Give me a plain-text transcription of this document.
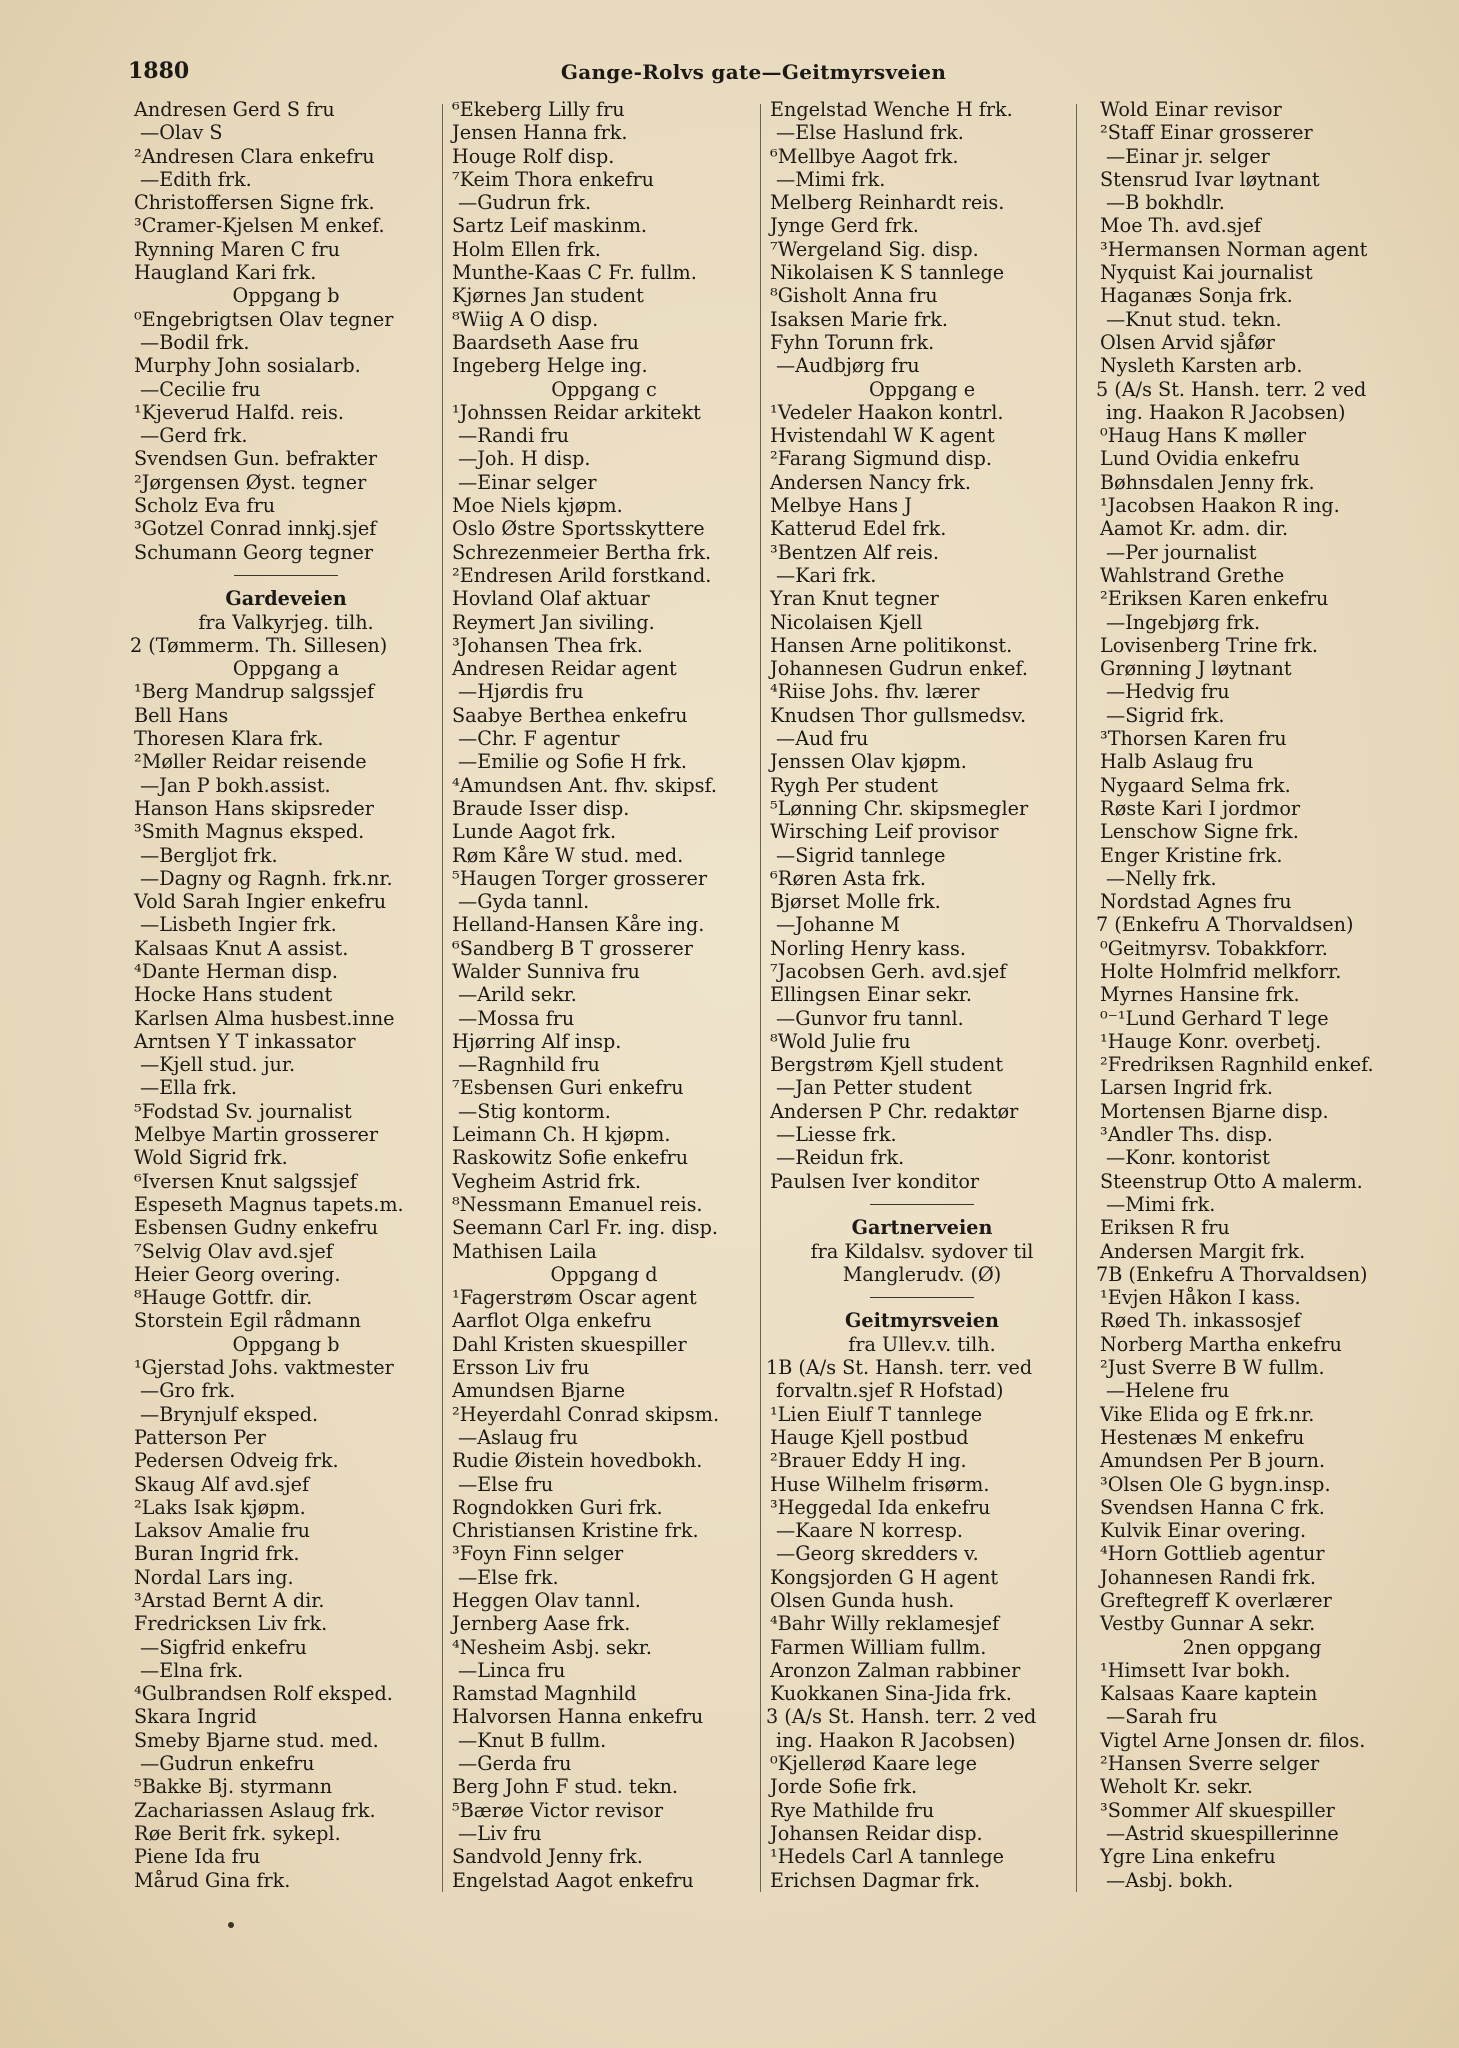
1880	Gange-Rolvs gate—Geitmyrsveien
Andresen Gerd S fru
—Olav S
²Andresen Clara enkefru
—Edith frk.
Christoffersen Signe frk.
³Cramer-Kjelsen M enkef.
Rynning Maren C fru
Haugland Kari frk.
Oppgang b
⁰Engebrigtsen Olav tegner
—Bodil frk.
Murphy John sosialarb.
—Cecilie fru
¹Kjeverud Halfd. reis.
—Gerd frk.
Svendsen Gun. befrakter
²Jørgensen Øyst. tegner
Scholz Eva fru
³Gotzel Conrad innkj.sjef
Schumann Georg tegner
Gardeveien
fra Valkyrjeg. tilh.
2 (Tømmerm. Th. Sillesen)
Oppgang a
¹Berg Mandrup salgssjef
Bell Hans
Thoresen Klara frk.
²Møller Reidar reisende
—Jan P bokh.assist.
Hanson Hans skipsreder
³Smith Magnus eksped.
—Bergljot frk.
—Dagny og Ragnh. frk.nr.
Vold Sarah Ingier enkefru
—Lisbeth Ingier frk.
Kalsaas Knut A assist.
⁴Dante Herman disp.
Hocke Hans student
Karlsen Alma husbest.inne
Arntsen Y T inkassator
—Kjell stud. jur.
—Ella frk.
⁵Fodstad Sv. journalist
Melbye Martin grosserer
Wold Sigrid frk.
⁶Iversen Knut salgssjef
Espeseth Magnus tapets.m.
Esbensen Gudny enkefru
⁷Selvig Olav avd.sjef
Heier Georg overing.
⁸Hauge Gottfr. dir.
Storstein Egil rådmann
Oppgang b
¹Gjerstad Johs. vaktmester
—Gro frk.
—Brynjulf eksped.
Patterson Per
Pedersen Odveig frk.
Skaug Alf avd.sjef
²Laks Isak kjøpm.
Laksov Amalie fru
Buran Ingrid frk.
Nordal Lars ing.
³Arstad Bernt A dir.
Fredricksen Liv frk.
—Sigfrid enkefru
—Elna frk.
⁴Gulbrandsen Rolf eksped.
Skara Ingrid
Smeby Bjarne stud. med.
—Gudrun enkefru
⁵Bakke Bj. styrmann
Zachariassen Aslaug frk.
Røe Berit frk. sykepl.
Piene Ida fru
Mårud Gina frk.
⁶Ekeberg Lilly fru
Jensen Hanna frk.
Houge Rolf disp.
⁷Keim Thora enkefru
—Gudrun frk.
Sartz Leif maskinm.
Holm Ellen frk.
Munthe-Kaas C Fr. fullm.
Kjørnes Jan student
⁸Wiig A O disp.
Baardseth Aase fru
Ingeberg Helge ing.
Oppgang c
¹Johnssen Reidar arkitekt
—Randi fru
—Joh. H disp.
—Einar selger
Moe Niels kjøpm.
Oslo Østre Sportsskyttere
Schrezenmeier Bertha frk.
²Endresen Arild forstkand.
Hovland Olaf aktuar
Reymert Jan siviling.
³Johansen Thea frk.
Andresen Reidar agent
—Hjørdis fru
Saabye Berthea enkefru
—Chr. F agentur
—Emilie og Sofie H frk.
⁴Amundsen Ant. fhv. skipsf.
Braude Isser disp.
Lunde Aagot frk.
Røm Kåre W stud. med.
⁵Haugen Torger grosserer
—Gyda tannl.
Helland-Hansen Kåre ing.
⁶Sandberg B T grosserer
Walder Sunniva fru
—Arild sekr.
—Mossa fru
Hjørring Alf insp.
—Ragnhild fru
⁷Esbensen Guri enkefru
—Stig kontorm.
Leimann Ch. H kjøpm.
Raskowitz Sofie enkefru
Vegheim Astrid frk.
⁸Nessmann Emanuel reis.
Seemann Carl Fr. ing. disp.
Mathisen Laila
Oppgang d
¹Fagerstrøm Oscar agent
Aarflot Olga enkefru
Dahl Kristen skuespiller
Ersson Liv fru
Amundsen Bjarne
²Heyerdahl Conrad skipsm.
—Aslaug fru
Rudie Øistein hovedbokh.
—Else fru
Rogndokken Guri frk.
Christiansen Kristine frk.
³Foyn Finn selger
—Else frk.
Heggen Olav tannl.
Jernberg Aase frk.
⁴Nesheim Asbj. sekr.
—Linca fru
Ramstad Magnhild
Halvorsen Hanna enkefru
—Knut B fullm.
—Gerda fru
Berg John F stud. tekn.
⁵Bærøe Victor revisor
—Liv fru
Sandvold Jenny frk.
Engelstad Aagot enkefru
Engelstad Wenche H frk.
—Else Haslund frk.
⁶Mellbye Aagot frk.
—Mimi frk.
Melberg Reinhardt reis.
Jynge Gerd frk.
⁷Wergeland Sig. disp.
Nikolaisen K S tannlege
⁸Gisholt Anna fru
Isaksen Marie frk.
Fyhn Torunn frk.
—Audbjørg fru
Oppgang e
¹Vedeler Haakon kontrl.
Hvistendahl W K agent
²Farang Sigmund disp.
Andersen Nancy frk.
Melbye Hans J
Katterud Edel frk.
³Bentzen Alf reis.
—Kari frk.
Yran Knut tegner
Nicolaisen Kjell
Hansen Arne politikonst.
Johannesen Gudrun enkef.
⁴Riise Johs. fhv. lærer
Knudsen Thor gullsmedsv.
—Aud fru
Jenssen Olav kjøpm.
Rygh Per student
⁵Lønning Chr. skipsmegler
Wirsching Leif provisor
—Sigrid tannlege
⁶Røren Asta frk.
Bjørset Molle frk.
—Johanne M
Norling Henry kass.
⁷Jacobsen Gerh. avd.sjef
Ellingsen Einar sekr.
—Gunvor fru tannl.
⁸Wold Julie fru
Bergstrøm Kjell student
—Jan Petter student
Andersen P Chr. redaktør
—Liesse frk.
—Reidun frk.
Paulsen Iver konditor
Gartnerveien
fra Kildalsv. sydover til
Manglerudv. (Ø)
Geitmyrsveien
fra Ullev.v. tilh.
1B (A/s St. Hansh. terr. ved
forvaltn.sjef R Hofstad)
¹Lien Eiulf T tannlege
Hauge Kjell postbud
²Brauer Eddy H ing.
Huse Wilhelm frisørm.
³Heggedal Ida enkefru
—Kaare N korresp.
—Georg skredders v.
Kongsjorden G H agent
Olsen Gunda hush.
⁴Bahr Willy reklamesjef
Farmen William fullm.
Aronzon Zalman rabbiner
Kuokkanen Sina-Jida frk.
3 (A/s St. Hansh. terr. 2 ved
ing. Haakon R Jacobsen)
⁰Kjellerød Kaare lege
Jorde Sofie frk.
Rye Mathilde fru
Johansen Reidar disp.
¹Hedels Carl A tannlege
Erichsen Dagmar frk.
Wold Einar revisor
²Staff Einar grosserer
—Einar jr. selger
Stensrud Ivar løytnant
—B bokhdlr.
Moe Th. avd.sjef
³Hermansen Norman agent
Nyquist Kai journalist
Haganæs Sonja frk.
—Knut stud. tekn.
Olsen Arvid sjåfør
Nysleth Karsten arb.
5 (A/s St. Hansh. terr. 2 ved
ing. Haakon R Jacobsen)
⁰Haug Hans K møller
Lund Ovidia enkefru
Bøhnsdalen Jenny frk.
¹Jacobsen Haakon R ing.
Aamot Kr. adm. dir.
—Per journalist
Wahlstrand Grethe
²Eriksen Karen enkefru
—Ingebjørg frk.
Lovisenberg Trine frk.
Grønning J løytnant
—Hedvig fru
—Sigrid frk.
³Thorsen Karen fru
Halb Aslaug fru
Nygaard Selma frk.
Røste Kari I jordmor
Lenschow Signe frk.
Enger Kristine frk.
—Nelly frk.
Nordstad Agnes fru
7 (Enkefru A Thorvaldsen)
⁰Geitmyrsv. Tobakkforr.
Holte Holmfrid melkforr.
Myrnes Hansine frk.
⁰⁻¹Lund Gerhard T lege
¹Hauge Konr. overbetj.
²Fredriksen Ragnhild enkef.
Larsen Ingrid frk.
Mortensen Bjarne disp.
³Andler Ths. disp.
—Konr. kontorist
Steenstrup Otto A malerm.
—Mimi frk.
Eriksen R fru
Andersen Margit frk.
7B (Enkefru A Thorvaldsen)
¹Evjen Håkon I kass.
Røed Th. inkassosjef
Norberg Martha enkefru
²Just Sverre B W fullm.
—Helene fru
Vike Elida og E frk.nr.
Hestenæs M enkefru
Amundsen Per B journ.
³Olsen Ole G bygn.insp.
Svendsen Hanna C frk.
Kulvik Einar overing.
⁴Horn Gottlieb agentur
Johannesen Randi frk.
Greftegreff K overlærer
Vestby Gunnar A sekr.
2nen oppgang
¹Himsett Ivar bokh.
Kalsaas Kaare kaptein
—Sarah fru
Vigtel Arne Jonsen dr. filos.
²Hansen Sverre selger
Weholt Kr. sekr.
³Sommer Alf skuespiller
—Astrid skuespillerinne
Ygre Lina enkefru
—Asbj. bokh.
